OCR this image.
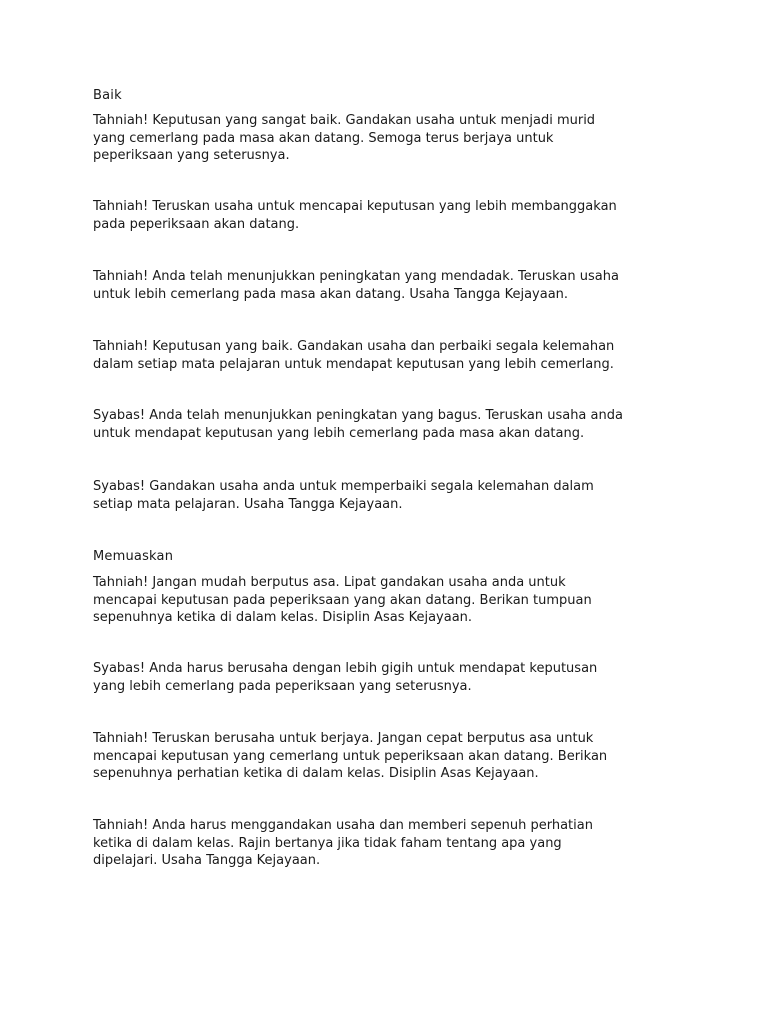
Baik

Tahniah! Keputusan yang sangat baik. Gandakan usaha untuk menjadi murid
yang cemerlang pada masa akan datang. Semoga terus berjaya untuk
peperiksaan yang seterusnya.

Tahniah! Teruskan usaha untuk mencapai keputusan yang lebih membanggakan
pada peperiksaan akan datang.

Tahniah! Anda telah menunjukkan peningkatan yang mendadak. Teruskan usaha
untuk lebih cemerlang pada masa akan datang. Usaha Tangga Kejayaan.

Tahniah! Keputusan yang baik. Gandakan usaha dan perbaiki segala kelemahan
dalam setiap mata pelajaran untuk mendapat keputusan yang lebih cemerlang.

Syabas! Anda telah menunjukkan peningkatan yang bagus. Teruskan usaha anda
untuk mendapat keputusan yang lebih cemerlang pada masa akan datang.

Syabas! Gandakan usaha anda untuk memperbaiki segala kelemahan dalam
setiap mata pelajaran. Usaha Tangga Kejayaan.

Memuaskan

Tahniah! Jangan mudah berputus asa. Lipat gandakan usaha anda untuk
mencapai keputusan pada peperiksaan yang akan datang. Berikan tumpuan
sepenuhnya ketika di dalam kelas. Disiplin Asas Kejayaan.

Syabas! Anda harus berusaha dengan lebih gigih untuk mendapat keputusan
yang lebih cemerlang pada peperiksaan yang seterusnya.

Tahniah! Teruskan berusaha untuk berjaya. Jangan cepat berputus asa untuk
mencapai keputusan yang cemerlang untuk peperiksaan akan datang. Berikan
sepenuhnya perhatian ketika di dalam kelas. Disiplin Asas Kejayaan.

Tahniah! Anda harus menggandakan usaha dan memberi sepenuh perhatian
ketika di dalam kelas. Rajin bertanya jika tidak faham tentang apa yang
dipelajari. Usaha Tangga Kejayaan.
